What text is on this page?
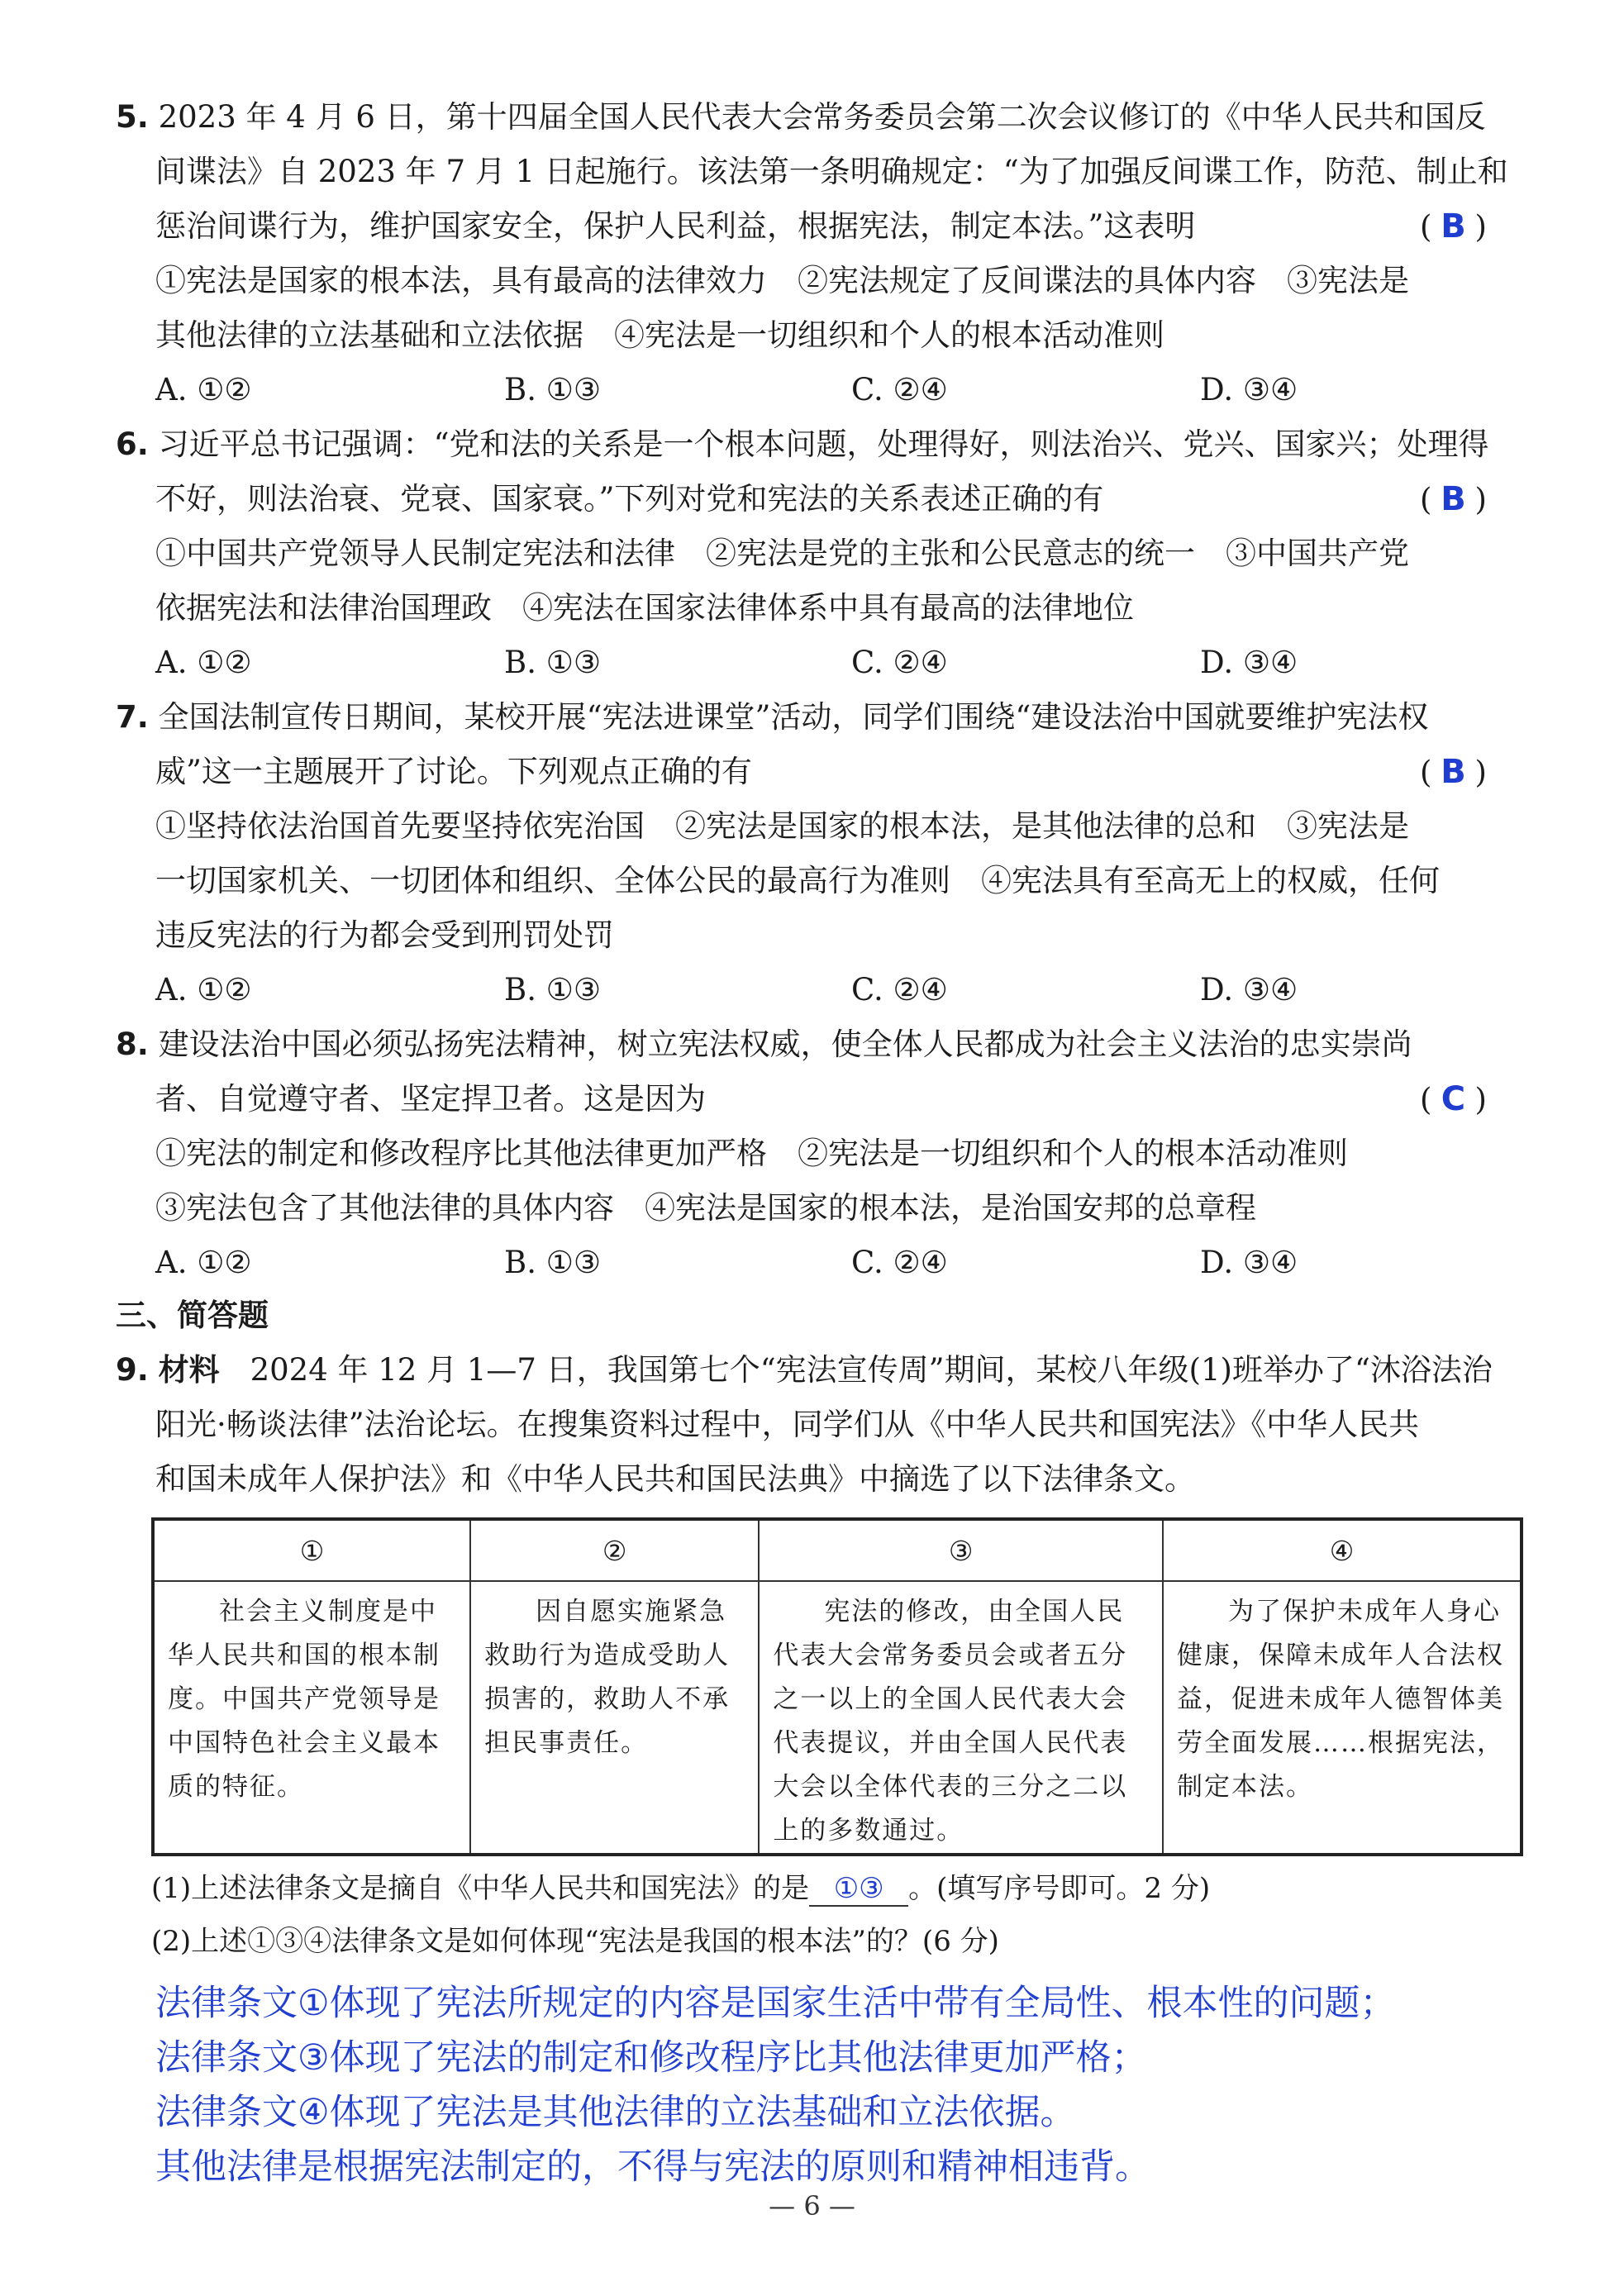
5. 2023 年 4 月 6 日，第十四届全国人民代表大会常务委员会第二次会议修订的《中华人民共和国反
间谍法》自 2023 年 7 月 1 日起施行。该法第一条明确规定：“为了加强反间谍工作，防范、制止和
惩治间谍行为，维护国家安全，保护人民利益，根据宪法，制定本法。”这表明	( B )
①宪法是国家的根本法，具有最高的法律效力　②宪法规定了反间谍法的具体内容　③宪法是
其他法律的立法基础和立法依据　④宪法是一切组织和个人的根本活动准则
A. ①②	B. ①③	C. ②④	D. ③④
6. 习近平总书记强调：“党和法的关系是一个根本问题，处理得好，则法治兴、党兴、国家兴；处理得
不好，则法治衰、党衰、国家衰。”下列对党和宪法的关系表述正确的有	( B )
①中国共产党领导人民制定宪法和法律　②宪法是党的主张和公民意志的统一　③中国共产党
依据宪法和法律治国理政　④宪法在国家法律体系中具有最高的法律地位
A. ①②	B. ①③	C. ②④	D. ③④
7. 全国法制宣传日期间，某校开展“宪法进课堂”活动，同学们围绕“建设法治中国就要维护宪法权
威”这一主题展开了讨论。下列观点正确的有	( B )
①坚持依法治国首先要坚持依宪治国　②宪法是国家的根本法，是其他法律的总和　③宪法是
一切国家机关、一切团体和组织、全体公民的最高行为准则　④宪法具有至高无上的权威，任何
违反宪法的行为都会受到刑罚处罚
A. ①②	B. ①③	C. ②④	D. ③④
8. 建设法治中国必须弘扬宪法精神，树立宪法权威，使全体人民都成为社会主义法治的忠实崇尚
者、自觉遵守者、坚定捍卫者。这是因为	( C )
①宪法的制定和修改程序比其他法律更加严格　②宪法是一切组织和个人的根本活动准则
③宪法包含了其他法律的具体内容　④宪法是国家的根本法，是治国安邦的总章程
A. ①②	B. ①③	C. ②④	D. ③④
三、简答题
9. 材料　 2024 年 12 月 1—7 日，我国第七个“宪法宣传周”期间，某校八年级(1)班举办了“沐浴法治
阳光·畅谈法律”法治论坛。在搜集资料过程中，同学们从《中华人民共和国宪法》《中华人民共
和国未成年人保护法》和《中华人民共和国民法典》中摘选了以下法律条文。
①	②	③	④
社会主义制度是中华人民共和国的根本制度。中国共产党领导是中国特色社会主义最本质的特征。	因自愿实施紧急救助行为造成受助人损害的，救助人不承担民事责任。	宪法的修改，由全国人民代表大会常务委员会或者五分之一以上的全国人民代表大会代表提议，并由全国人民代表大会以全体代表的三分之二以上的多数通过。	为了保护未成年人身心健康，保障未成年人合法权益，促进未成年人德智体美劳全面发展……根据宪法，制定本法。
(1)上述法律条文是摘自《中华人民共和国宪法》的是 ①③ 。(填写序号即可。2 分)
(2)上述①③④法律条文是如何体现“宪法是我国的根本法”的？(6 分)
法律条文①体现了宪法所规定的内容是国家生活中带有全局性、根本性的问题；
法律条文③体现了宪法的制定和修改程序比其他法律更加严格；
法律条文④体现了宪法是其他法律的立法基础和立法依据。
其他法律是根据宪法制定的，不得与宪法的原则和精神相违背。
— 6 —
